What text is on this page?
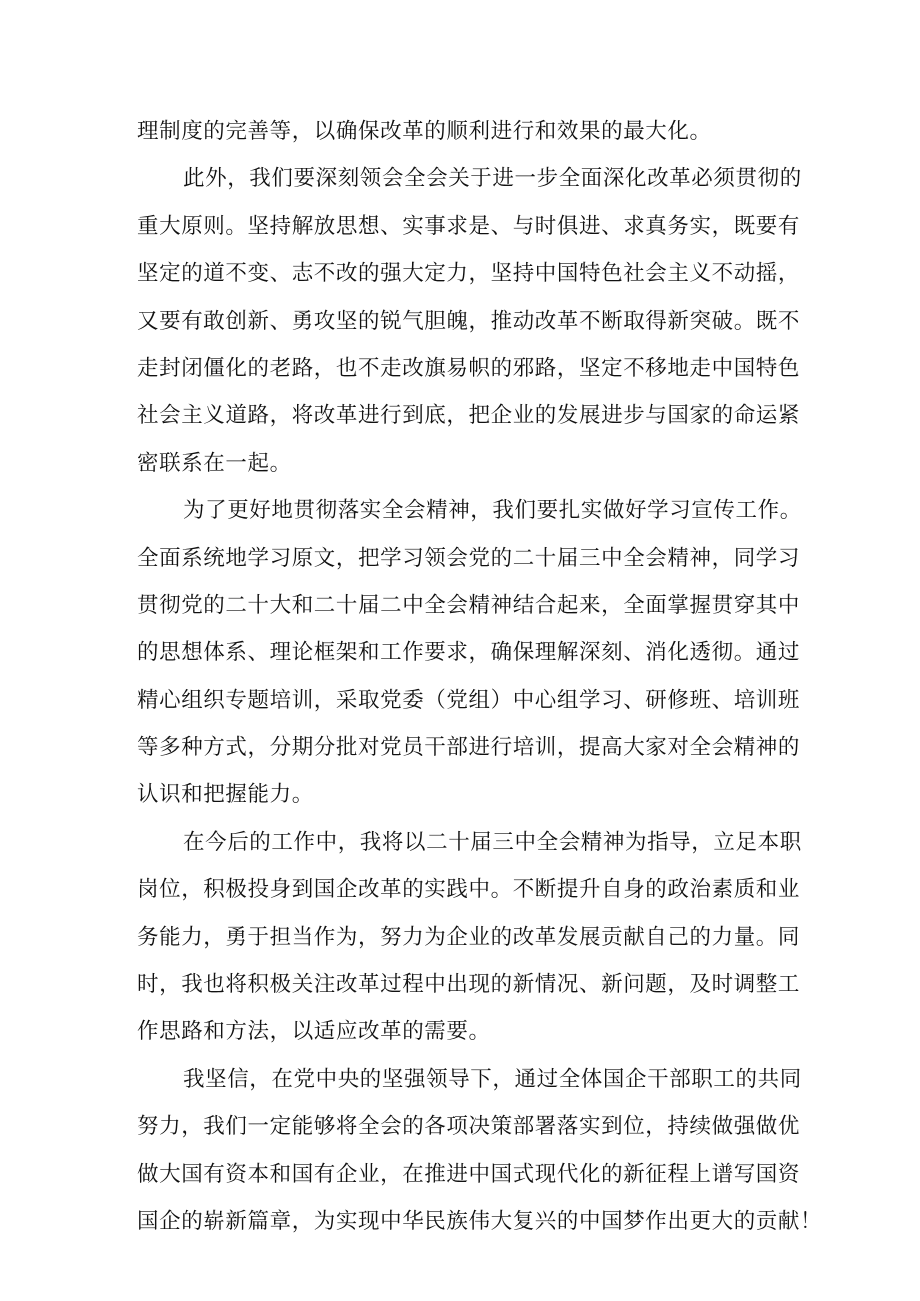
理制度的完善等，以确保改革的顺利进行和效果的最大化。

此外，我们要深刻领会全会关于进一步全面深化改革必须贯彻的
重大原则。坚持解放思想、实事求是、与时俱进、求真务实，既要有
坚定的道不变、志不改的强大定力，坚持中国特色社会主义不动摇，
又要有敢创新、勇攻坚的锐气胆魄，推动改革不断取得新突破。既不
走封闭僵化的老路，也不走改旗易帜的邪路，坚定不移地走中国特色
社会主义道路，将改革进行到底，把企业的发展进步与国家的命运紧
密联系在一起。

为了更好地贯彻落实全会精神，我们要扎实做好学习宣传工作。
全面系统地学习原文，把学习领会党的二十届三中全会精神，同学习
贯彻党的二十大和二十届二中全会精神结合起来，全面掌握贯穿其中
的思想体系、理论框架和工作要求，确保理解深刻、消化透彻。通过
精心组织专题培训，采取党委（党组）中心组学习、研修班、培训班
等多种方式，分期分批对党员干部进行培训，提高大家对全会精神的
认识和把握能力。

在今后的工作中，我将以二十届三中全会精神为指导，立足本职
岗位，积极投身到国企改革的实践中。不断提升自身的政治素质和业
务能力，勇于担当作为，努力为企业的改革发展贡献自己的力量。同
时，我也将积极关注改革过程中出现的新情况、新问题，及时调整工
作思路和方法，以适应改革的需要。

我坚信，在党中央的坚强领导下，通过全体国企干部职工的共同
努力，我们一定能够将全会的各项决策部署落实到位，持续做强做优
做大国有资本和国有企业，在推进中国式现代化的新征程上谱写国资
国企的崭新篇章，为实现中华民族伟大复兴的中国梦作出更大的贡献！
